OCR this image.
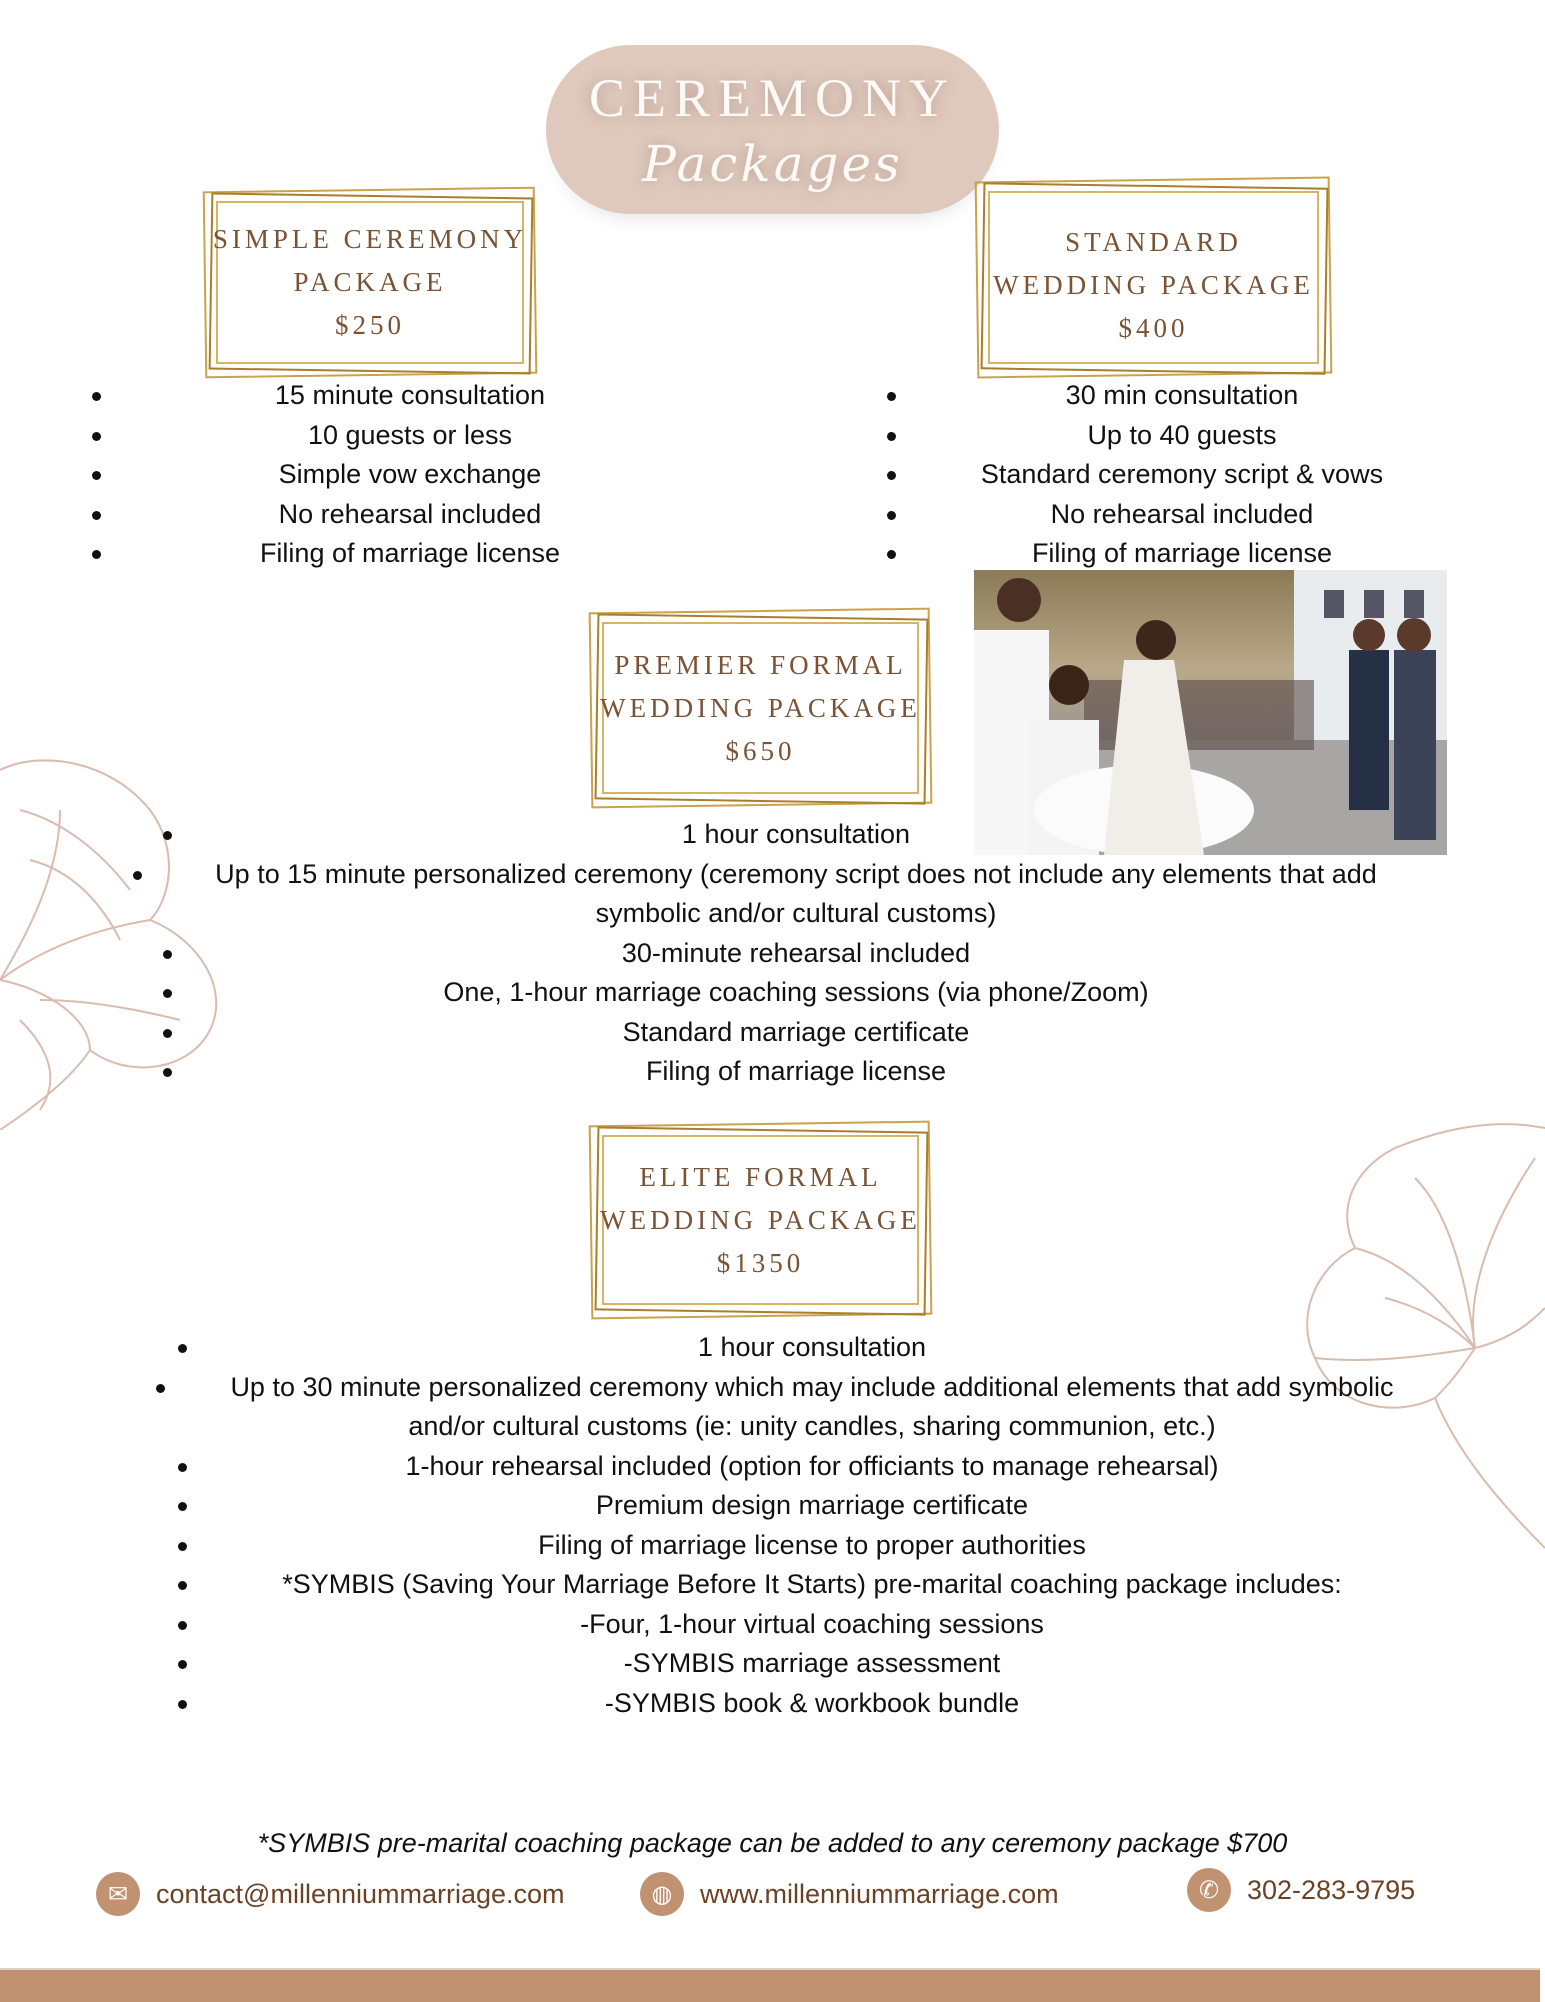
CEREMONY
Packages
SIMPLE CEREMONY
PACKAGE
$250
STANDARD
WEDDING PACKAGE
$400
PREMIER FORMAL
WEDDING PACKAGE
$650
ELITE FORMAL
WEDDING PACKAGE
$1350
15 minute consultation
10 guests or less
Simple vow exchange
No rehearsal included
Filing of marriage license
30 min consultation
Up to 40 guests
Standard ceremony script & vows
No rehearsal included
Filing of marriage license
1 hour consultation
Up to 15 minute personalized ceremony (ceremony script does not include any elements that add symbolic and/or cultural customs)
30-minute rehearsal included
One, 1-hour marriage coaching sessions (via phone/Zoom)
Standard marriage certificate
Filing of marriage license
1 hour consultation
Up to 30 minute personalized ceremony which may include additional elements that add symbolic and/or cultural customs (ie: unity candles, sharing communion, etc.)
1-hour rehearsal included (option for officiants to manage rehearsal)
Premium design marriage certificate
Filing of marriage license to proper authorities
*SYMBIS (Saving Your Marriage Before It Starts) pre-marital coaching package includes:
-Four, 1-hour virtual coaching sessions
-SYMBIS marriage assessment
-SYMBIS book & workbook bundle
*SYMBIS pre-marital coaching package can be added to any ceremony package $700
✉	contact@millenniummarriage.com	◍	www.millenniummarriage.com	✆	302-283-9795
